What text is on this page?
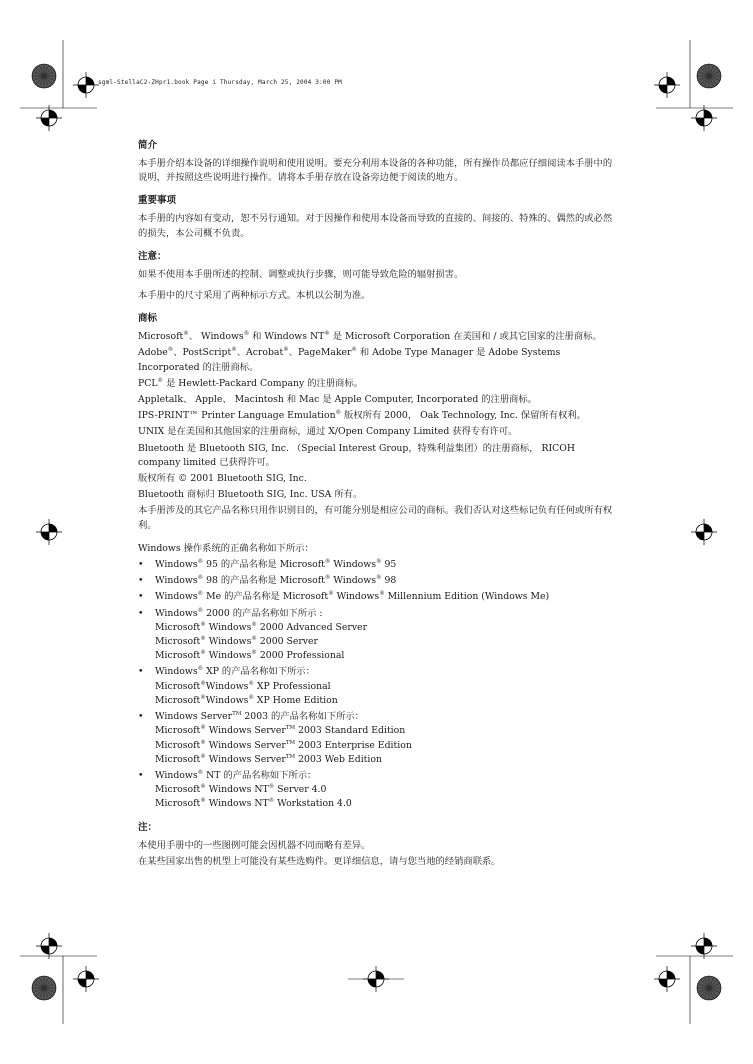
sgml-StellaC2-ZHpr1.book Page i Thursday, March 25, 2004 3:00 PM
简介

本手册介绍本设备的详细操作说明和使用说明。要充分利用本设备的各种功能，所有操作员都应仔细阅读本手册中的说明，并按照这些说明进行操作。请将本手册存放在设备旁边便于阅读的地方。

重要事项

本手册的内容如有变动，恕不另行通知。对于因操作和使用本设备而导致的直接的、间接的、特殊的、偶然的或必然的损失，本公司概不负责。

注意：

如果不使用本手册所述的控制、调整或执行步骤，则可能导致危险的辐射损害。

本手册中的尺寸采用了两种标示方式。本机以公制为准。

商标

Microsoft®、 Windows® 和 Windows NT® 是 Microsoft Corporation 在美国和 / 或其它国家的注册商标。

Adobe®、PostScript®、Acrobat®、PageMaker® 和 Adobe Type Manager 是 Adobe Systems Incorporated 的注册商标。

PCL® 是 Hewlett-Packard Company 的注册商标。

Appletalk、 Apple、 Macintosh 和 Mac 是 Apple Computer, Incorporated 的注册商标。

IPS-PRINT™ Printer Language Emulation® 版权所有 2000， Oak Technology, Inc. 保留所有权利。

UNIX 是在美国和其他国家的注册商标，通过 X/Open Company Limited 获得专有许可。

Bluetooth 是 Bluetooth SIG, Inc. （Special Interest Group，特殊利益集团）的注册商标， RICOH company limited 已获得许可。

版权所有 © 2001 Bluetooth SIG, Inc.

Bluetooth 商标归 Bluetooth SIG, Inc. USA 所有。

本手册涉及的其它产品名称只用作识别目的，有可能分别是相应公司的商标。我们否认对这些标记负有任何或所有权利。

Windows 操作系统的正确名称如下所示：

• Windows® 95 的产品名称是 Microsoft® Windows® 95
• Windows® 98 的产品名称是 Microsoft® Windows® 98
• Windows® Me 的产品名称是 Microsoft® Windows® Millennium Edition (Windows Me)
• Windows® 2000 的产品名称如下所示 :
Microsoft® Windows® 2000 Advanced Server
Microsoft® Windows® 2000 Server
Microsoft® Windows® 2000 Professional
• Windows® XP 的产品名称如下所示：
Microsoft®Windows® XP Professional
Microsoft®Windows® XP Home Edition
• Windows Server™ 2003 的产品名称如下所示：
Microsoft® Windows Server™ 2003 Standard Edition
Microsoft® Windows Server™ 2003 Enterprise Edition
Microsoft® Windows Server™ 2003 Web Edition
• Windows® NT 的产品名称如下所示：
Microsoft® Windows NT® Server 4.0
Microsoft® Windows NT® Workstation 4.0
注：

本使用手册中的一些图例可能会因机器不同而略有差异。

在某些国家出售的机型上可能没有某些选购件。更详细信息，请与您当地的经销商联系。
